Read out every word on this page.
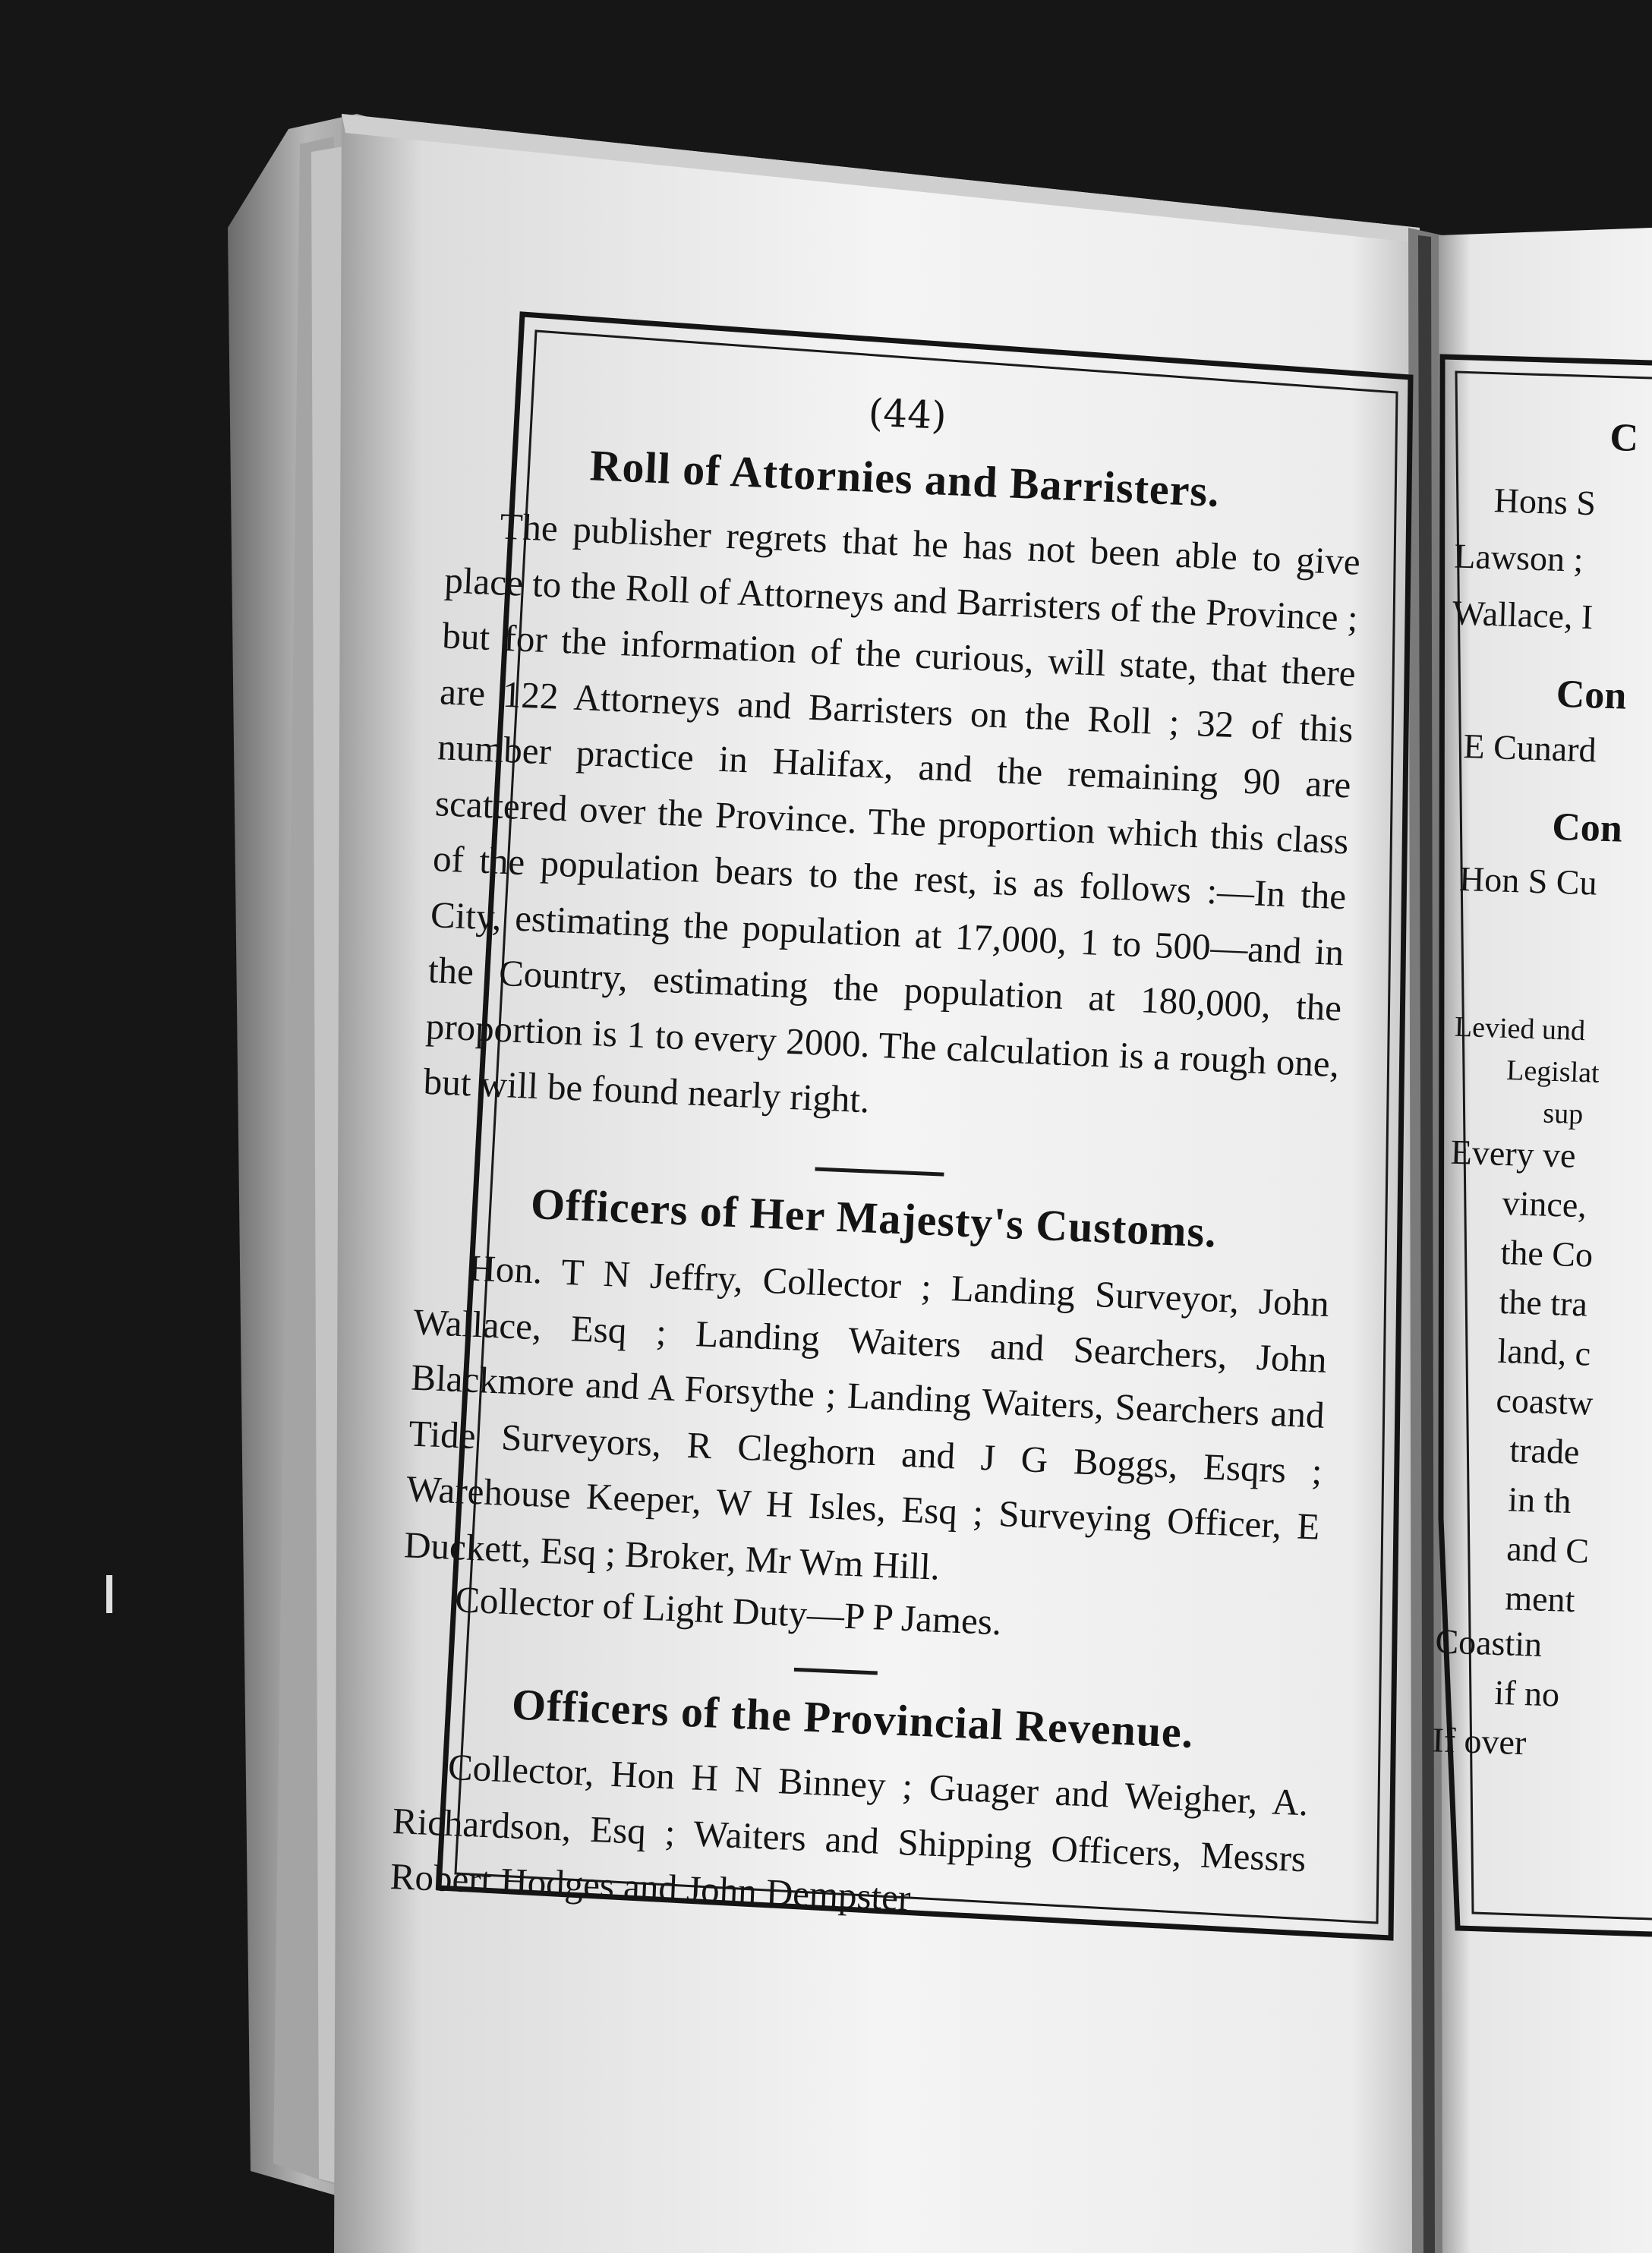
(44)
Roll of Attornies and Barristers.

The publisher regrets that he has not been able to give place to the Roll of Attorneys and Barristers of the Province ; but for the information of the curious, will state, that there are 122 Attorneys and Barristers on the Roll ; 32 of this number practice in Halifax, and the remaining 90 are scattered over the Province. The proportion which this class of the population bears to the rest, is as follows :—In the City, estimating the population at 17,000, 1 to 500—and in the Country, estimating the population at 180,000, the proportion is 1 to every 2000. The calculation is a rough one, but will be found nearly right.

Officers of Her Majesty's Customs.

Hon. T N Jeffry, Collector ; Landing Surveyor, John Wallace, Esq ; Landing Waiters and Searchers, John Blackmore and A Forsythe ; Landing Waiters, Searchers and Tide Surveyors, R Cleghorn and J G Boggs, Esqrs ; Warehouse Keeper, W H Isles, Esq ; Surveying Officer, E Duckett, Esq ; Broker, Mr Wm Hill.

Collector of Light Duty—P P James.
Officers of the Provincial Revenue.

Collector, Hon H N Binney ; Guager and Weigher, A. Richardson, Esq ; Waiters and Shipping Officers, Messrs Robert Hodges and John Dempster

C
Hons S
Lawson ;
Wallace, I
Con
E Cunard
Con
Hon S Cu
Levied und
Legislat
sup
Every ve
vince,
the Co
the tra
land, c
coastw
trade
in th
and C
ment
Coastin
if no
If over
